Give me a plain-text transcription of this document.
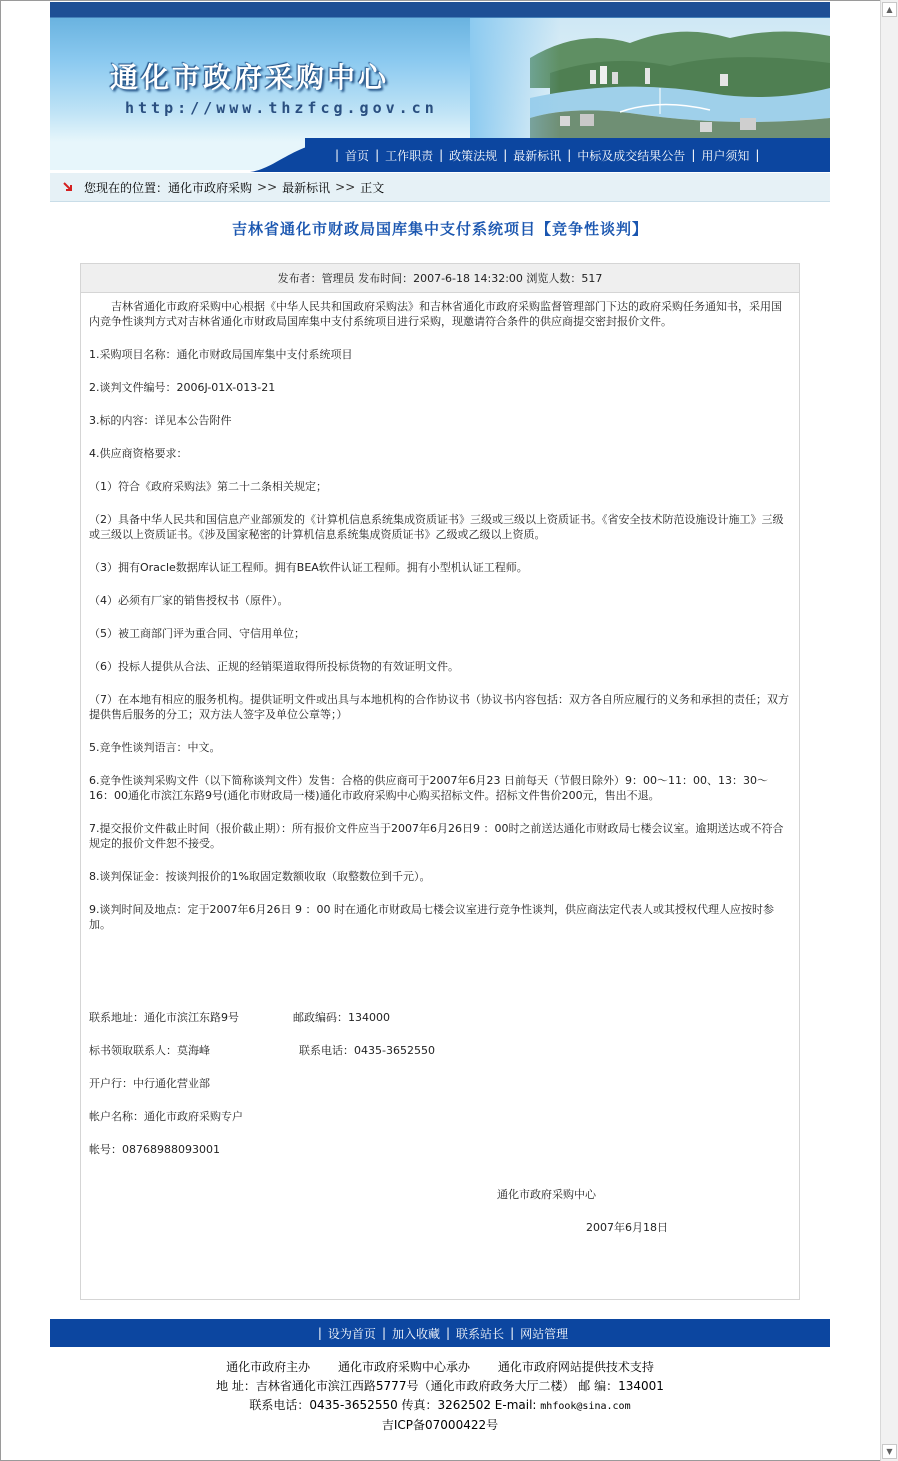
▲
▼
通化市政府采购中心
http://www.thzfcg.gov.cn
| 首页 | 工作职责 | 政策法规 | 最新标讯 | 中标及成交结果公告 | 用户须知 |
您现在的位置： 通化市政府采购 >> 最新标讯 >> 正文
吉林省通化市财政局国库集中支付系统项目【竞争性谈判】
发布者： 管理员
发布时间： 2007-6-18 14:32:00
浏览人数： 517

吉林省通化市政府采购中心根据《中华人民共和国政府采购法》和吉林省通化市政府采购监督管理部门下达的政府采购任务通知书，采用国内竞争性谈判方式对吉林省通化市财政局国库集中支付系统项目进行采购，现邀请符合条件的供应商提交密封报价文件。

1.采购项目名称：通化市财政局国库集中支付系统项目

2.谈判文件编号：2006J-01X-013-21

3.标的内容：详见本公告附件

4.供应商资格要求：

（1）符合《政府采购法》第二十二条相关规定；

（2）具备中华人民共和国信息产业部颁发的《计算机信息系统集成资质证书》三级或三级以上资质证书。《省安全技术防范设施设计施工》三级或三级以上资质证书。《涉及国家秘密的计算机信息系统集成资质证书》乙级或乙级以上资质。

（3）拥有Oracle数据库认证工程师。拥有BEA软件认证工程师。拥有小型机认证工程师。

（4）必须有厂家的销售授权书（原件）。

（5）被工商部门评为重合同、守信用单位；

（6）投标人提供从合法、正规的经销渠道取得所投标货物的有效证明文件。

（7）在本地有相应的服务机构。提供证明文件或出具与本地机构的合作协议书（协议书内容包括：双方各自所应履行的义务和承担的责任；双方提供售后服务的分工；双方法人签字及单位公章等；）

5.竞争性谈判语言：中文。

6.竞争性谈判采购文件（以下简称谈判文件）发售：合格的供应商可于2007年6月23 日前每天（节假日除外）9：00～11：00、13：30～16：00通化市滨江东路9号(通化市财政局一楼)通化市政府采购中心购买招标文件。招标文件售价200元，售出不退。

7.提交报价文件截止时间（报价截止期）：所有报价文件应当于2007年6月26日9 ：00时之前送达通化市财政局七楼会议室。逾期送达或不符合规定的报价文件恕不接受。

8.谈判保证金：按谈判报价的1%取固定数额收取（取整数位到千元）。

9.谈判时间及地点：定于2007年6月26日 9 ：00 时在通化市财政局七楼会议室进行竞争性谈判，供应商法定代表人或其授权代理人应按时参加。

联系地址：通化市滨江东路9号	邮政编码：134000
标书领取联系人：莫海峰	联系电话：0435-3652550

开户行：中行通化营业部

帐户名称：通化市政府采购专户

帐号：08768988093001

通化市政府采购中心
2007年6月18日
| 设为首页 | 加入收藏 | 联系站长 | 网站管理
通化市政府主办 通化市政府采购中心承办 通化市政府网站提供技术支持
地 址：吉林省通化市滨江西路5777号（通化市政府政务大厅二楼） 邮 编：134001
联系电话：0435-3652550 传真：3262502 E-mail: mhfook@sina.com
吉ICP备07000422号
